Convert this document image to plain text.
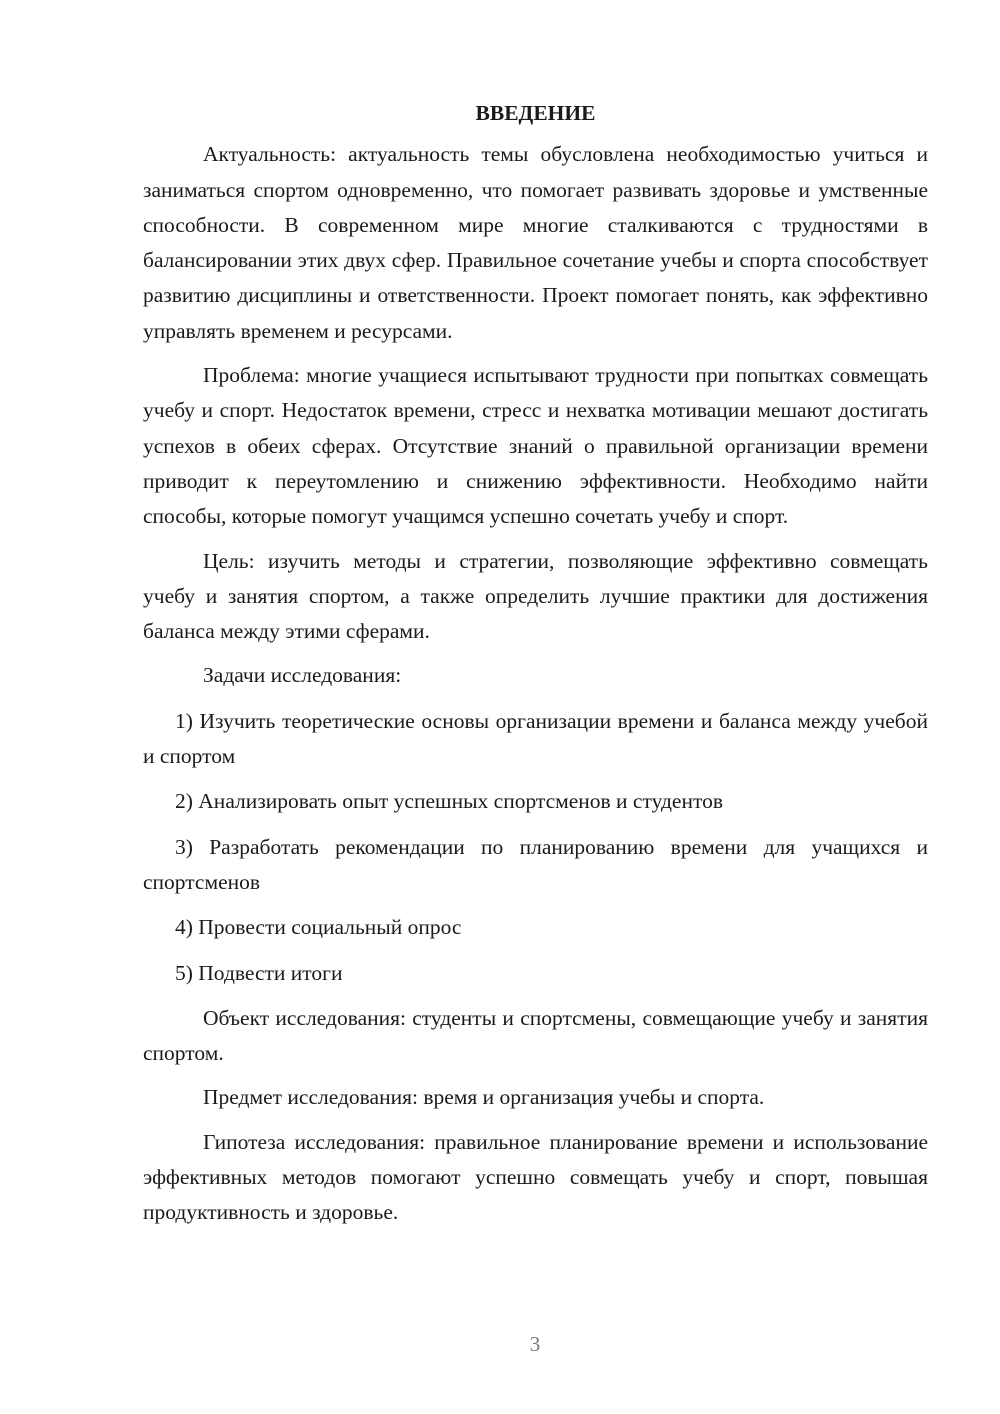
ВВЕДЕНИЕ

Актуальность: актуальность темы обусловлена необходимостью учиться и заниматься спортом одновременно, что помогает развивать здоровье и умственные способности. В современном мире многие сталкиваются с трудностями в балансировании этих двух сфер. Правильное сочетание учебы и спорта способствует развитию дисциплины и ответственности. Проект помогает понять, как эффективно управлять временем и ресурсами.

Проблема: многие учащиеся испытывают трудности при попытках совмещать учебу и спорт. Недостаток времени, стресс и нехватка мотивации мешают достигать успехов в обеих сферах. Отсутствие знаний о правильной организации времени приводит к переутомлению и снижению эффективности. Необходимо найти способы, которые помогут учащимся успешно сочетать учебу и спорт.

Цель: изучить методы и стратегии, позволяющие эффективно совмещать учебу и занятия спортом, а также определить лучшие практики для достижения баланса между этими сферами.

Задачи исследования:

1) Изучить теоретические основы организации времени и баланса между учебой и спортом

2) Анализировать опыт успешных спортсменов и студентов

3) Разработать рекомендации по планированию времени для учащихся и спортсменов

4) Провести социальный опрос

5) Подвести итоги

Объект исследования: студенты и спортсмены, совмещающие учебу и занятия спортом.

Предмет исследования: время и организация учебы и спорта.

Гипотеза исследования: правильное планирование времени и использование эффективных методов помогают успешно совмещать учебу и спорт, повышая продуктивность и здоровье.

3
